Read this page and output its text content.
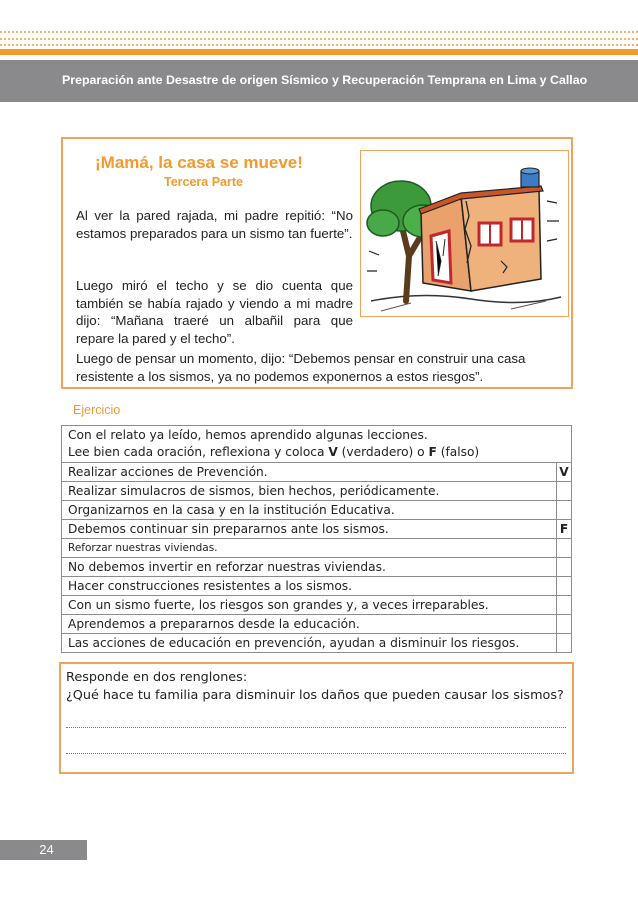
Preparación ante Desastre de origen Sísmico y Recuperación Temprana en Lima y Callao
¡Mamá, la casa se mueve!
Tercera Parte
Al ver la pared rajada, mi padre repitió: “No estamos preparados para un sismo tan fuerte”.
Luego miró el techo y se dio cuenta que también se había rajado y viendo a mi madre dijo: “Mañana traeré un albañil para que repare la pared y el techo”.
Luego de pensar un momento, dijo: “Debemos pensar en construir una casa resistente a los sismos, ya no podemos exponernos a estos riesgos”.
Ejercicio
Con el relato ya leído, hemos aprendido algunas lecciones.
Lee bien cada oración, reflexiona y coloca V (verdadero) o F (falso)	
Realizar acciones de Prevención.	V
Realizar simulacros de sismos, bien hechos, periódicamente.	
Organizarnos en la casa y en la institución Educativa.	
Debemos continuar sin prepararnos ante los sismos.	F
Reforzar nuestras viviendas.	
No debemos invertir en reforzar nuestras viviendas.	
Hacer construcciones resistentes a los sismos.	
Con un sismo fuerte, los riesgos son grandes y, a veces irreparables.	
Aprendemos a prepararnos desde la educación.	
Las acciones de educación en prevención, ayudan a disminuir los riesgos.	
Responde en dos renglones:
¿Qué hace tu familia para disminuir los daños que pueden causar los sismos?
24
